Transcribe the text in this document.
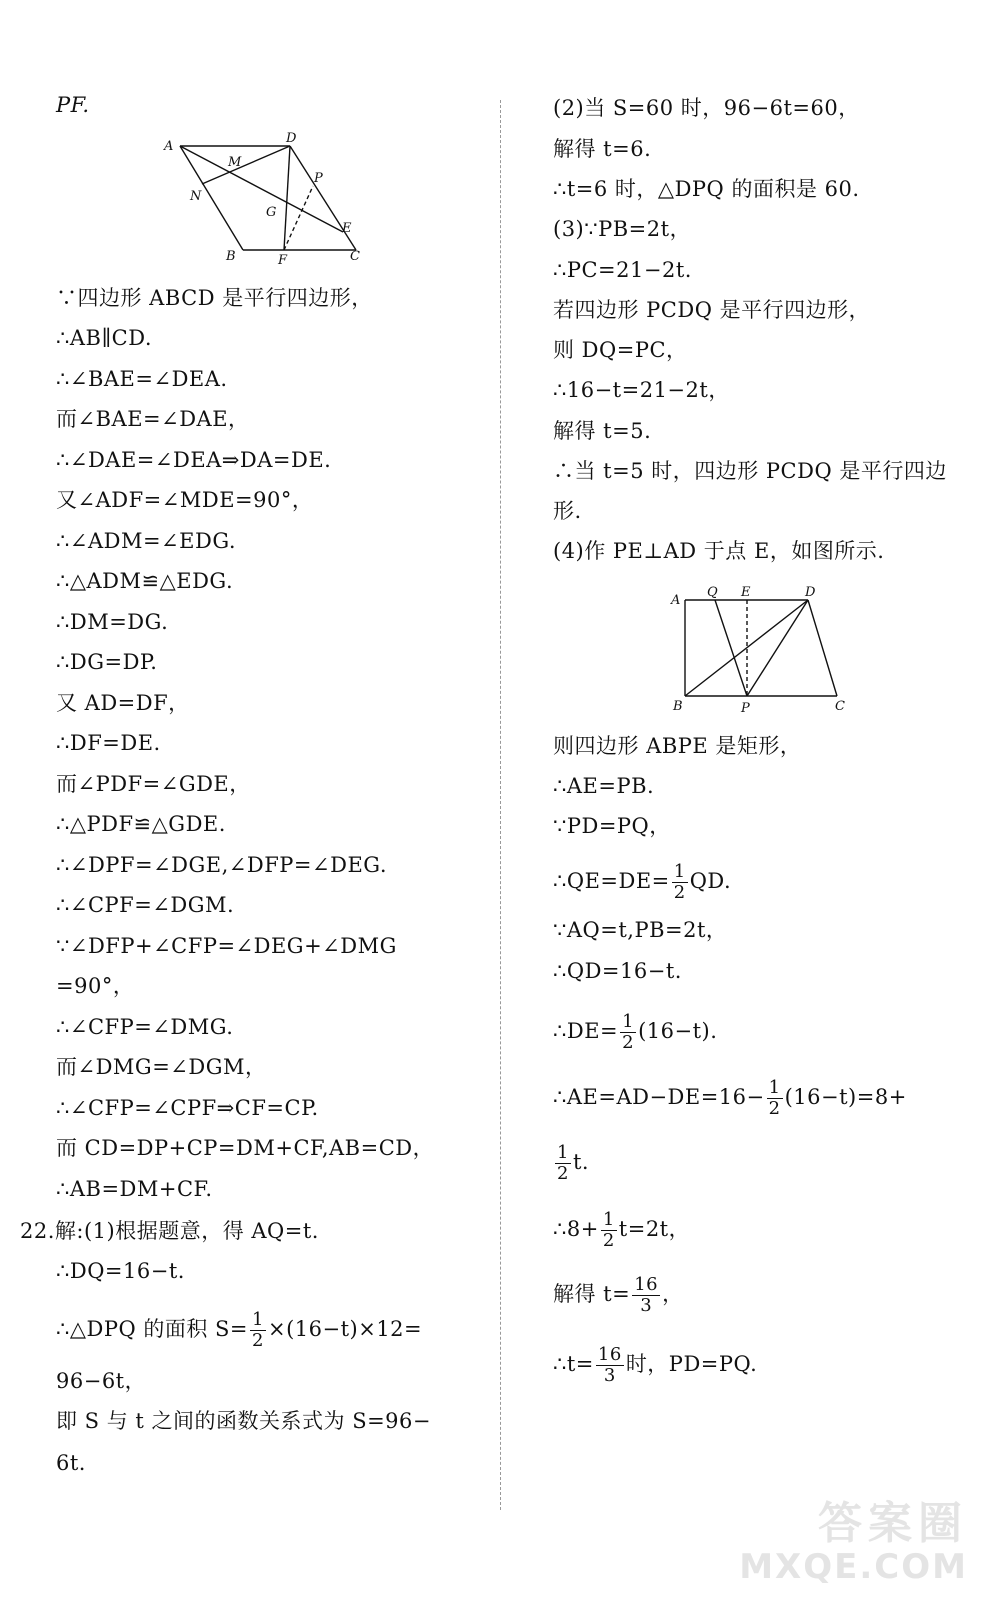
PF.
A
D
M
N
P
G
E
B	F	C
∵四边形 ABCD 是平行四边形，
∴AB∥CD.
∴∠BAE=∠DEA.
而∠BAE=∠DAE，
∴∠DAE=∠DEA⇒DA=DE.
又∠ADF=∠MDE=90°，
∴∠ADM=∠EDG.
∴△ADM≌△EDG.
∴DM=DG.
∴DG=DP.
又 AD=DF，
∴DF=DE.
而∠PDF=∠GDE，
∴△PDF≌△GDE.
∴∠DPF=∠DGE,∠DFP=∠DEG.
∴∠CPF=∠DGM.
∵∠DFP+∠CFP=∠DEG+∠DMG
=90°，
∴∠CFP=∠DMG.
而∠DMG=∠DGM，
∴∠CFP=∠CPF⇒CF=CP.
而 CD=DP+CP=DM+CF,AB=CD，
∴AB=DM+CF.
22.解:(1)根据题意，得 AQ=t.
∴DQ=16−t.
∴△DPQ 的面积 $S= \frac{1}{2} \times(16-t)\times 12=$
96−6t，
即 S 与 t 之间的函数关系式为 S=96−
6t.
(2)当 S=60 时，96−6t=60，
解得 t=6.
∴t=6 时，△DPQ 的面积是 60.
(3)∵PB=2t，
∴PC=21−2t.
若四边形 PCDQ 是平行四边形，
则 DQ=PC，
∴16−t=21−2t，
解得 t=5.
∴当 t=5 时，四边形 PCDQ 是平行四边
形.
(4)作 PE⊥AD 于点 E，如图所示.
A
Q E	D
B	P	C
则四边形 ABPE 是矩形，
∴AE=PB.
∵PD=PQ，
∴QE=DE= $\frac{1}{2}$ QD.
∵AQ=t,PB=2t，
∴QD=16−t.
∴DE= $\frac{1}{2} (16-t)$.
∴AE=AD−DE=16− $\frac{1}{2} (16-t)=8+$
$\frac{1}{2} t$.
∴8+ $\frac{1}{2} t=2t$，
解得 $t= \frac{16}{3}$ ，
∴t= $\frac{16}{3}$ 时，PD=PQ.
答案圈
MXQE.COM
